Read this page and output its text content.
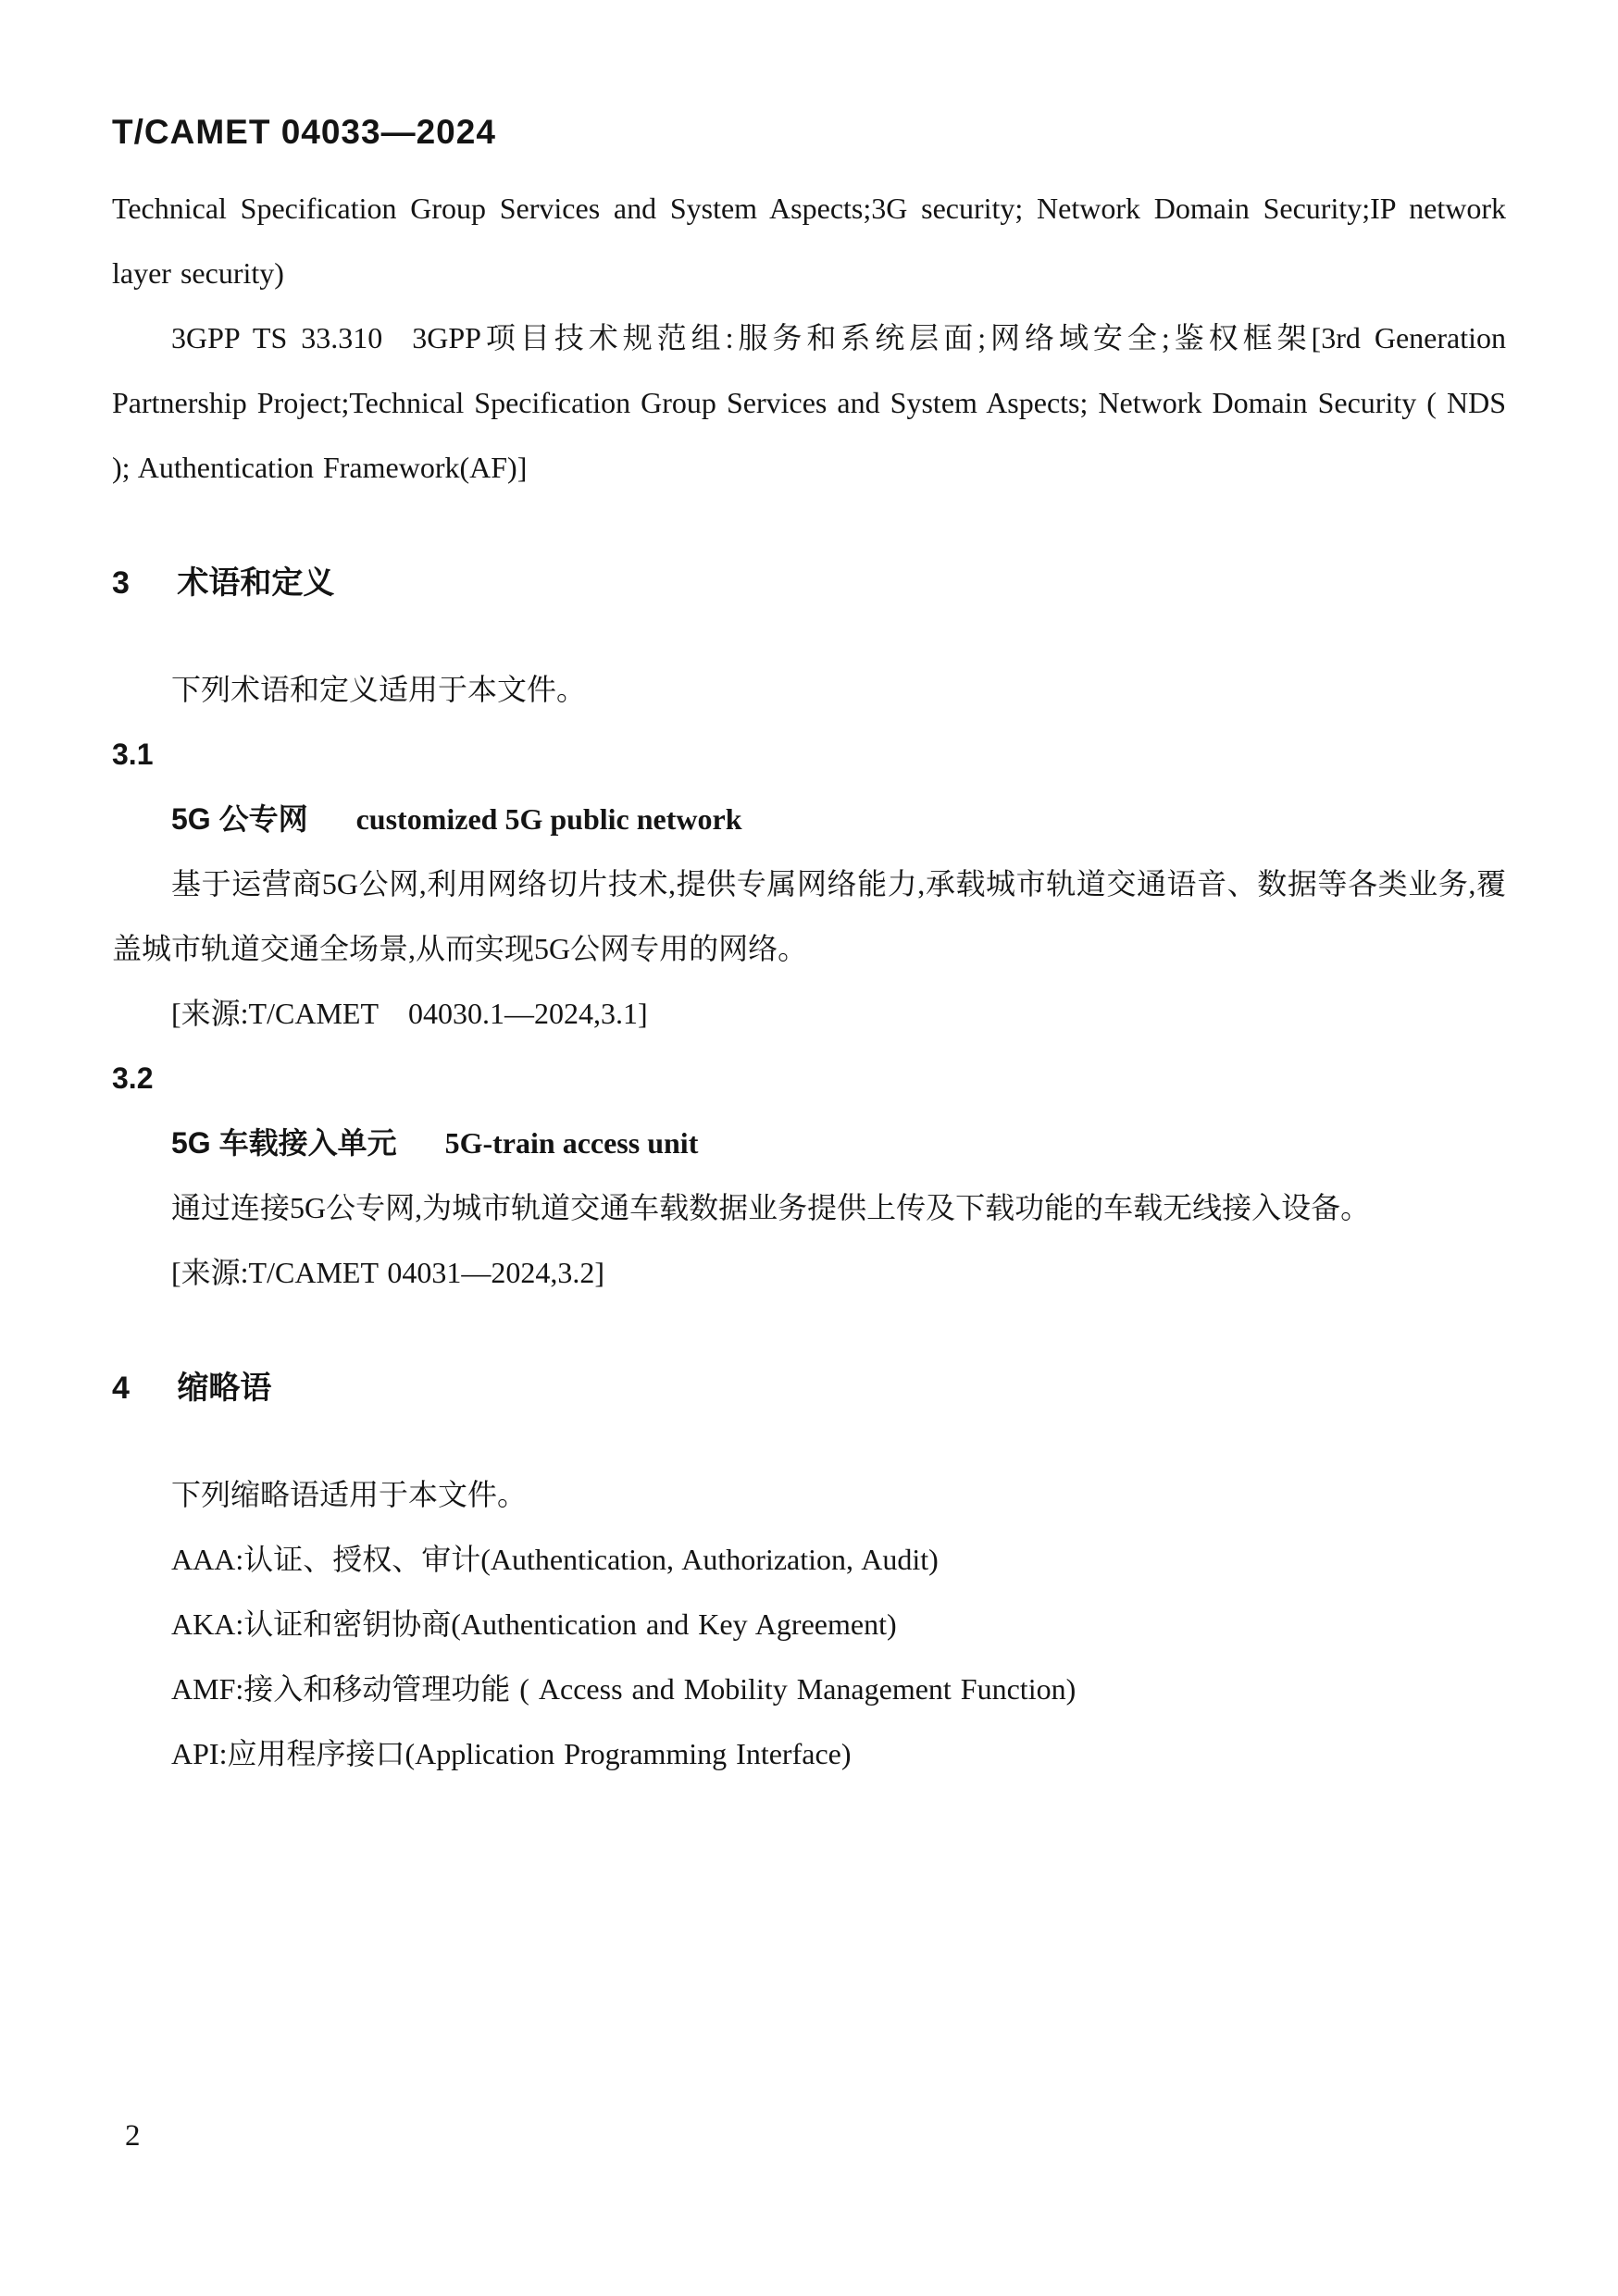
T/CAMET 04033—2024

Technical Specification Group Services and System Aspects;3G security; Network Domain Security;IP network layer security)

3GPP TS 33.310 3GPP项目技术规范组:服务和系统层面;网络域安全;鉴权框架[3rd Generation Partnership Project;Technical Specification Group Services and System Aspects; Network Domain Security ( NDS ); Authentication Framework(AF)]

3 术语和定义

下列术语和定义适用于本文件。

3.1

5G 公专网 customized 5G public network

基于运营商5G公网,利用网络切片技术,提供专属网络能力,承载城市轨道交通语音、数据等各类业务,覆盖城市轨道交通全场景,从而实现5G公网专用的网络。

[来源:T/CAMET 04030.1—2024,3.1]

3.2

5G 车载接入单元 5G-train access unit

通过连接5G公专网,为城市轨道交通车载数据业务提供上传及下载功能的车载无线接入设备。

[来源:T/CAMET 04031—2024,3.2]

4 缩略语

下列缩略语适用于本文件。

AAA:认证、授权、审计(Authentication, Authorization, Audit)

AKA:认证和密钥协商(Authentication and Key Agreement)

AMF:接入和移动管理功能 ( Access and Mobility Management Function)

API:应用程序接口(Application Programming Interface)

2
